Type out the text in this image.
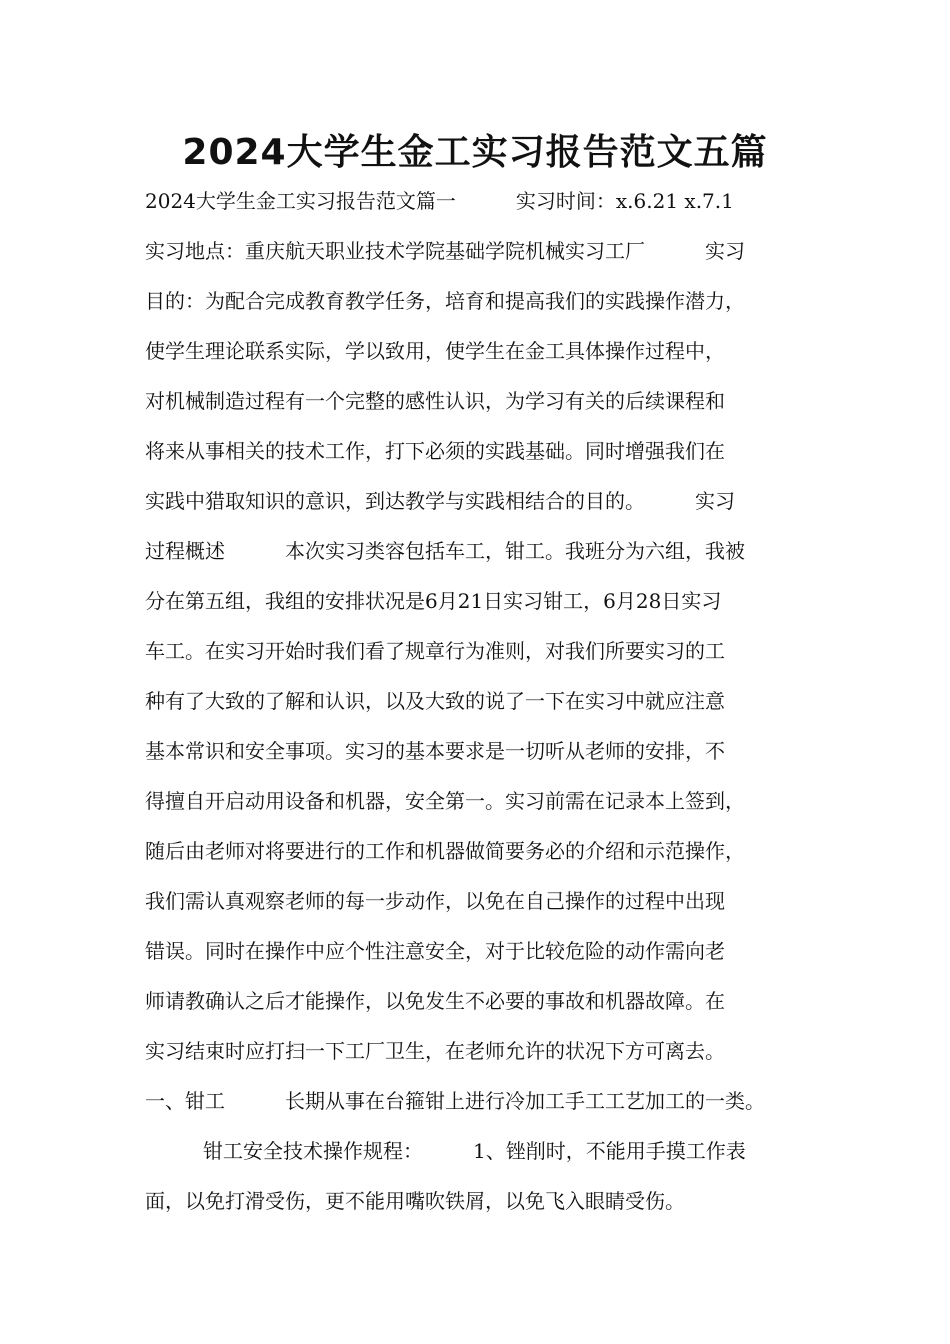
2024大学生金工实习报告范文五篇
2024大学生金工实习报告范文篇一　　　实习时间：x.6.21 x.7.1
实习地点：重庆航天职业技术学院基础学院机械实习工厂　　　实习
目的：为配合完成教育教学任务，培育和提高我们的实践操作潜力，
使学生理论联系实际，学以致用，使学生在金工具体操作过程中，
对机械制造过程有一个完整的感性认识，为学习有关的后续课程和
将来从事相关的技术工作，打下必须的实践基础。同时增强我们在
实践中猎取知识的意识，到达教学与实践相结合的目的。　　　实习
过程概述　　　本次实习类容包括车工，钳工。我班分为六组，我被
分在第五组，我组的安排状况是6月21日实习钳工，6月28日实习
车工。在实习开始时我们看了规章行为准则，对我们所要实习的工
种有了大致的了解和认识，以及大致的说了一下在实习中就应注意
基本常识和安全事项。实习的基本要求是一切听从老师的安排，不
得擅自开启动用设备和机器，安全第一。实习前需在记录本上签到，
随后由老师对将要进行的工作和机器做简要务必的介绍和示范操作，
我们需认真观察老师的每一步动作，以免在自己操作的过程中出现
错误。同时在操作中应个性注意安全，对于比较危险的动作需向老
师请教确认之后才能操作，以免发生不必要的事故和机器故障。在
实习结束时应打扫一下工厂卫生，在老师允许的状况下方可离去。
一、钳工　　　长期从事在台箍钳上进行冷加工手工工艺加工的一类。
钳工安全技术操作规程：　　　1、锉削时，不能用手摸工作表
面，以免打滑受伤，更不能用嘴吹铁屑，以免飞入眼睛受伤。
